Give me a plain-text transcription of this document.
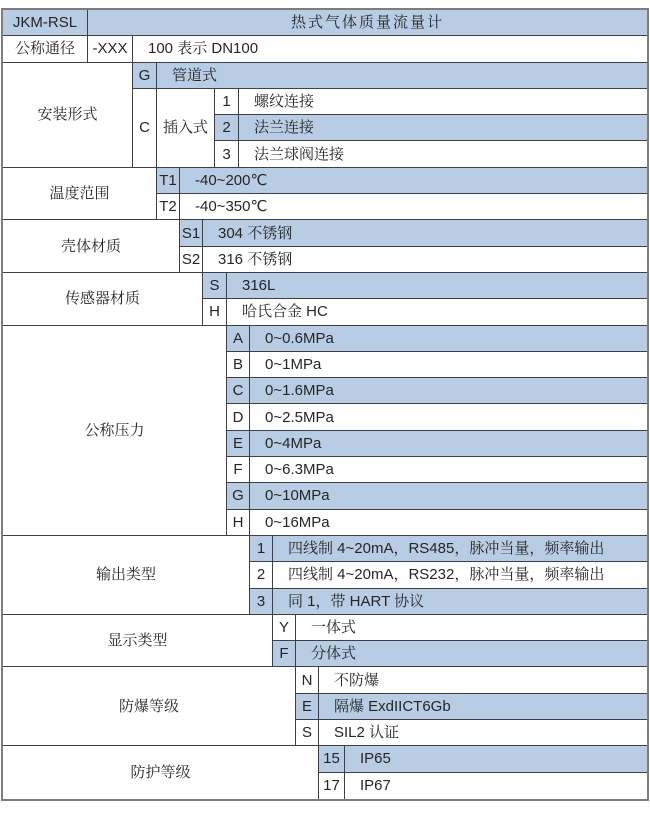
JKM-RSL	热式气体质量流量计
公称通径	-XXX	100 表示 DN100
安装形式
G	管道式
C 插入式
1	螺纹连接
2	法兰连接
3	法兰球阀连接
温度范围
T1	-40~200℃
T2	-40~350℃
壳体材质
S1	304 不锈钢
S2	316 不锈钢
传感器材质
S	316L
H	哈氏合金 HC
公称压力
A	0~0.6MPa
B	0~1MPa
C	0~1.6MPa
D	0~2.5MPa
E	0~4MPa
F	0~6.3MPa
G	0~10MPa
H	0~16MPa
输出类型
1	四线制 4~20mA，RS485，脉冲当量，频率输出
2	四线制 4~20mA，RS232，脉冲当量，频率输出
3	同 1，带 HART 协议
显示类型
Y	一体式
F	分体式
防爆等级
N	不防爆
E	隔爆 ExdIICT6Gb
S	SIL2 认证
防护等级
15	IP65
17	IP67
